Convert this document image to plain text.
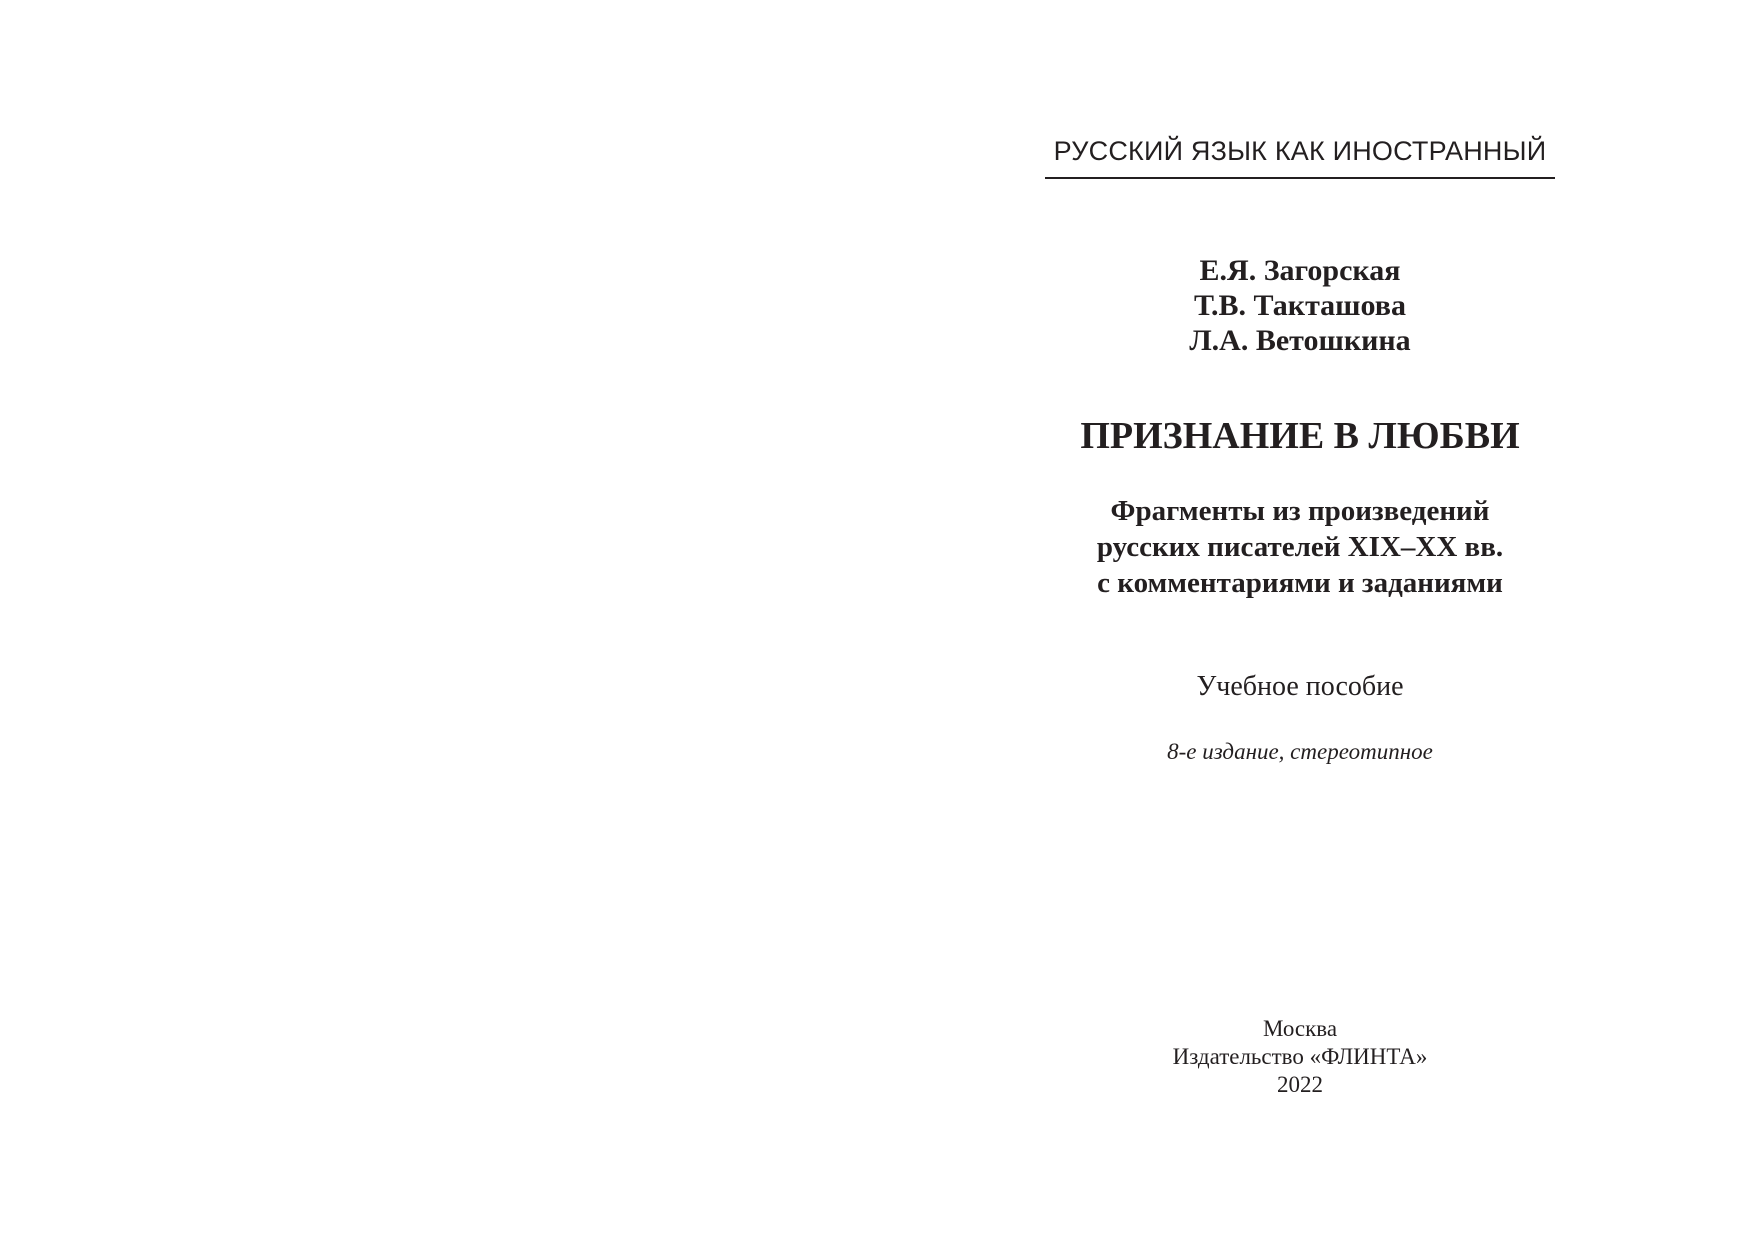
РУССКИЙ ЯЗЫК КАК ИНОСТРАННЫЙ
Е.Я. Загорская
Т.В. Такташова
Л.А. Ветошкина
ПРИЗНАНИЕ В ЛЮБВИ
Фрагменты из произведений
русских писателей XIX–XX вв.
с комментариями и заданиями
Учебное пособие
8-е издание, стереотипное
Москва
Издательство «ФЛИНТА»
2022
